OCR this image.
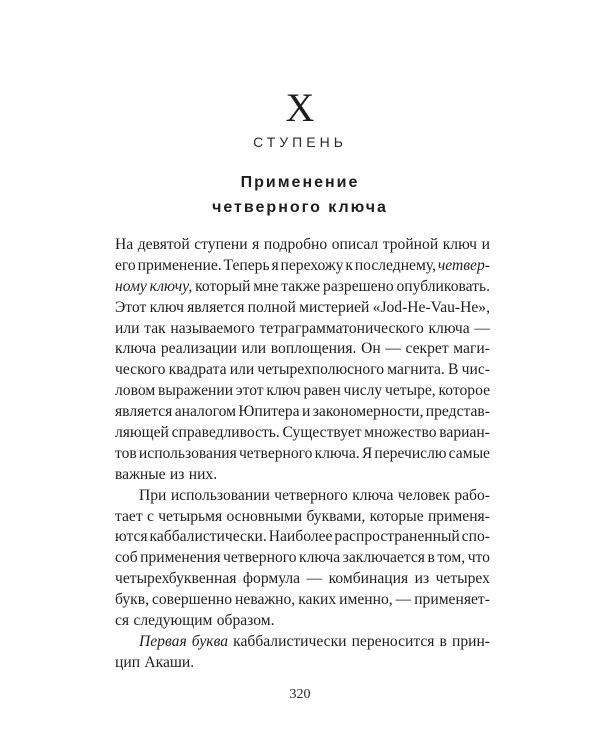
X
СТУПЕНЬ
Применение
четверного ключа
На девятой ступени я подробно описал тройной ключ и
его применение. Теперь я перехожу к последнему, четвер-
ному ключу, который мне также разрешено опубликовать.
Этот ключ является полной мистерией «Jod-He-Vau-He»,
или так называемого тетраграмматонического ключа —
ключа реализации или воплощения. Он — секрет маги-
ческого квадрата или четырехполюсного магнита. В чис-
ловом выражении этот ключ равен числу четыре, которое
является аналогом Юпитера и закономерности, представ-
ляющей справедливость. Существует множество вариан-
тов использования четверного ключа. Я перечислю самые
важные из них.
При использовании четверного ключа человек рабо-
тает с четырьмя основными буквами, которые применя-
ются каббалистически. Наиболее распространенный спо-
соб применения четверного ключа заключается в том, что
четырехбуквенная формула — комбинация из четырех
букв, совершенно неважно, каких именно, — применяет-
ся следующим образом.
Первая буква каббалистически переносится в прин-
цип Акаши.
320
